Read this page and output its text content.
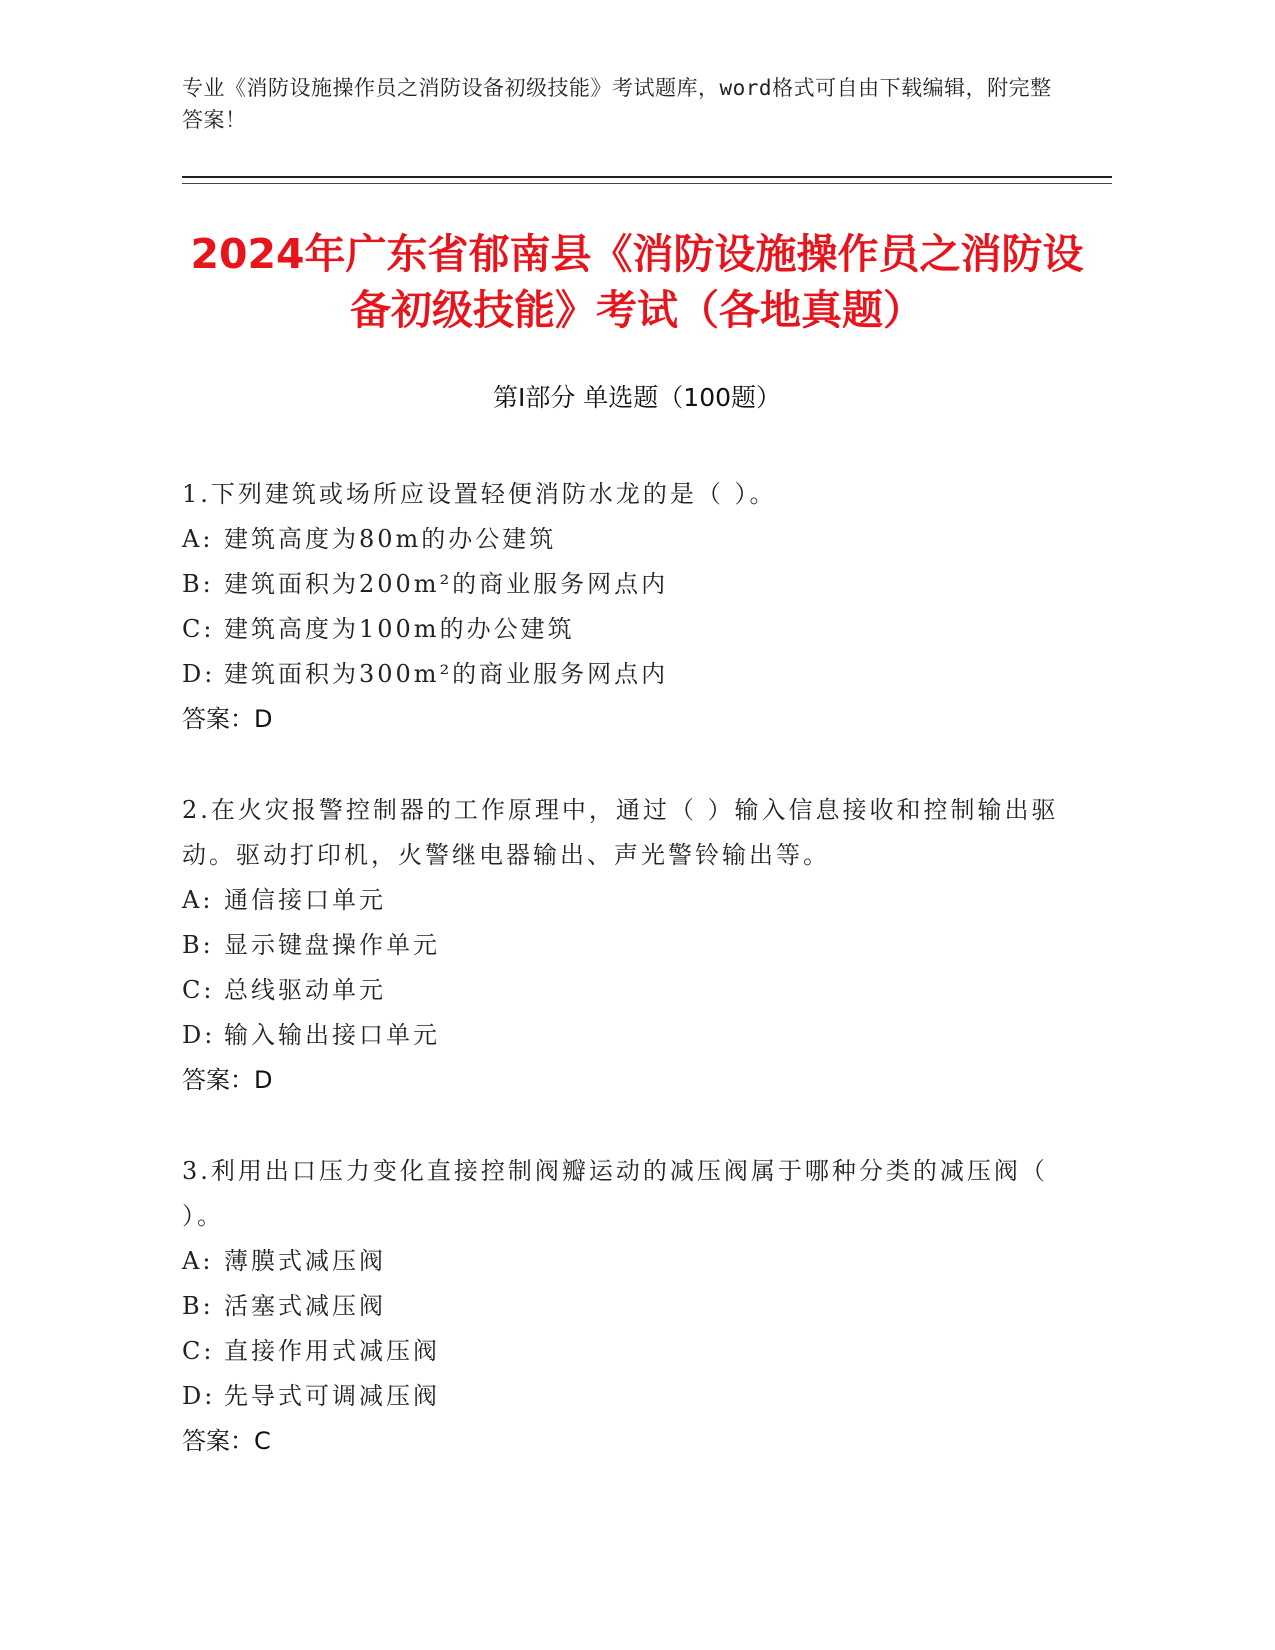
专业《消防设施操作员之消防设备初级技能》考试题库，word格式可自由下载编辑，附完整答案！
2024年广东省郁南县《消防设施操作员之消防设备初级技能》考试（各地真题）
第Ⅰ部分 单选题（100题）
1.下列建筑或场所应设置轻便消防水龙的是（ ）。
A: 建筑高度为80m的办公建筑
B: 建筑面积为200m²的商业服务网点内
C: 建筑高度为100m的办公建筑
D: 建筑面积为300m²的商业服务网点内
答案：D
2.在火灾报警控制器的工作原理中，通过（ ）输入信息接收和控制输出驱动。驱动打印机，火警继电器输出、声光警铃输出等。
A: 通信接口单元
B: 显示键盘操作单元
C: 总线驱动单元
D: 输入输出接口单元
答案：D
3.利用出口压力变化直接控制阀瓣运动的减压阀属于哪种分类的减压阀（ ）。
A: 薄膜式减压阀
B: 活塞式减压阀
C: 直接作用式减压阀
D: 先导式可调减压阀
答案：C
